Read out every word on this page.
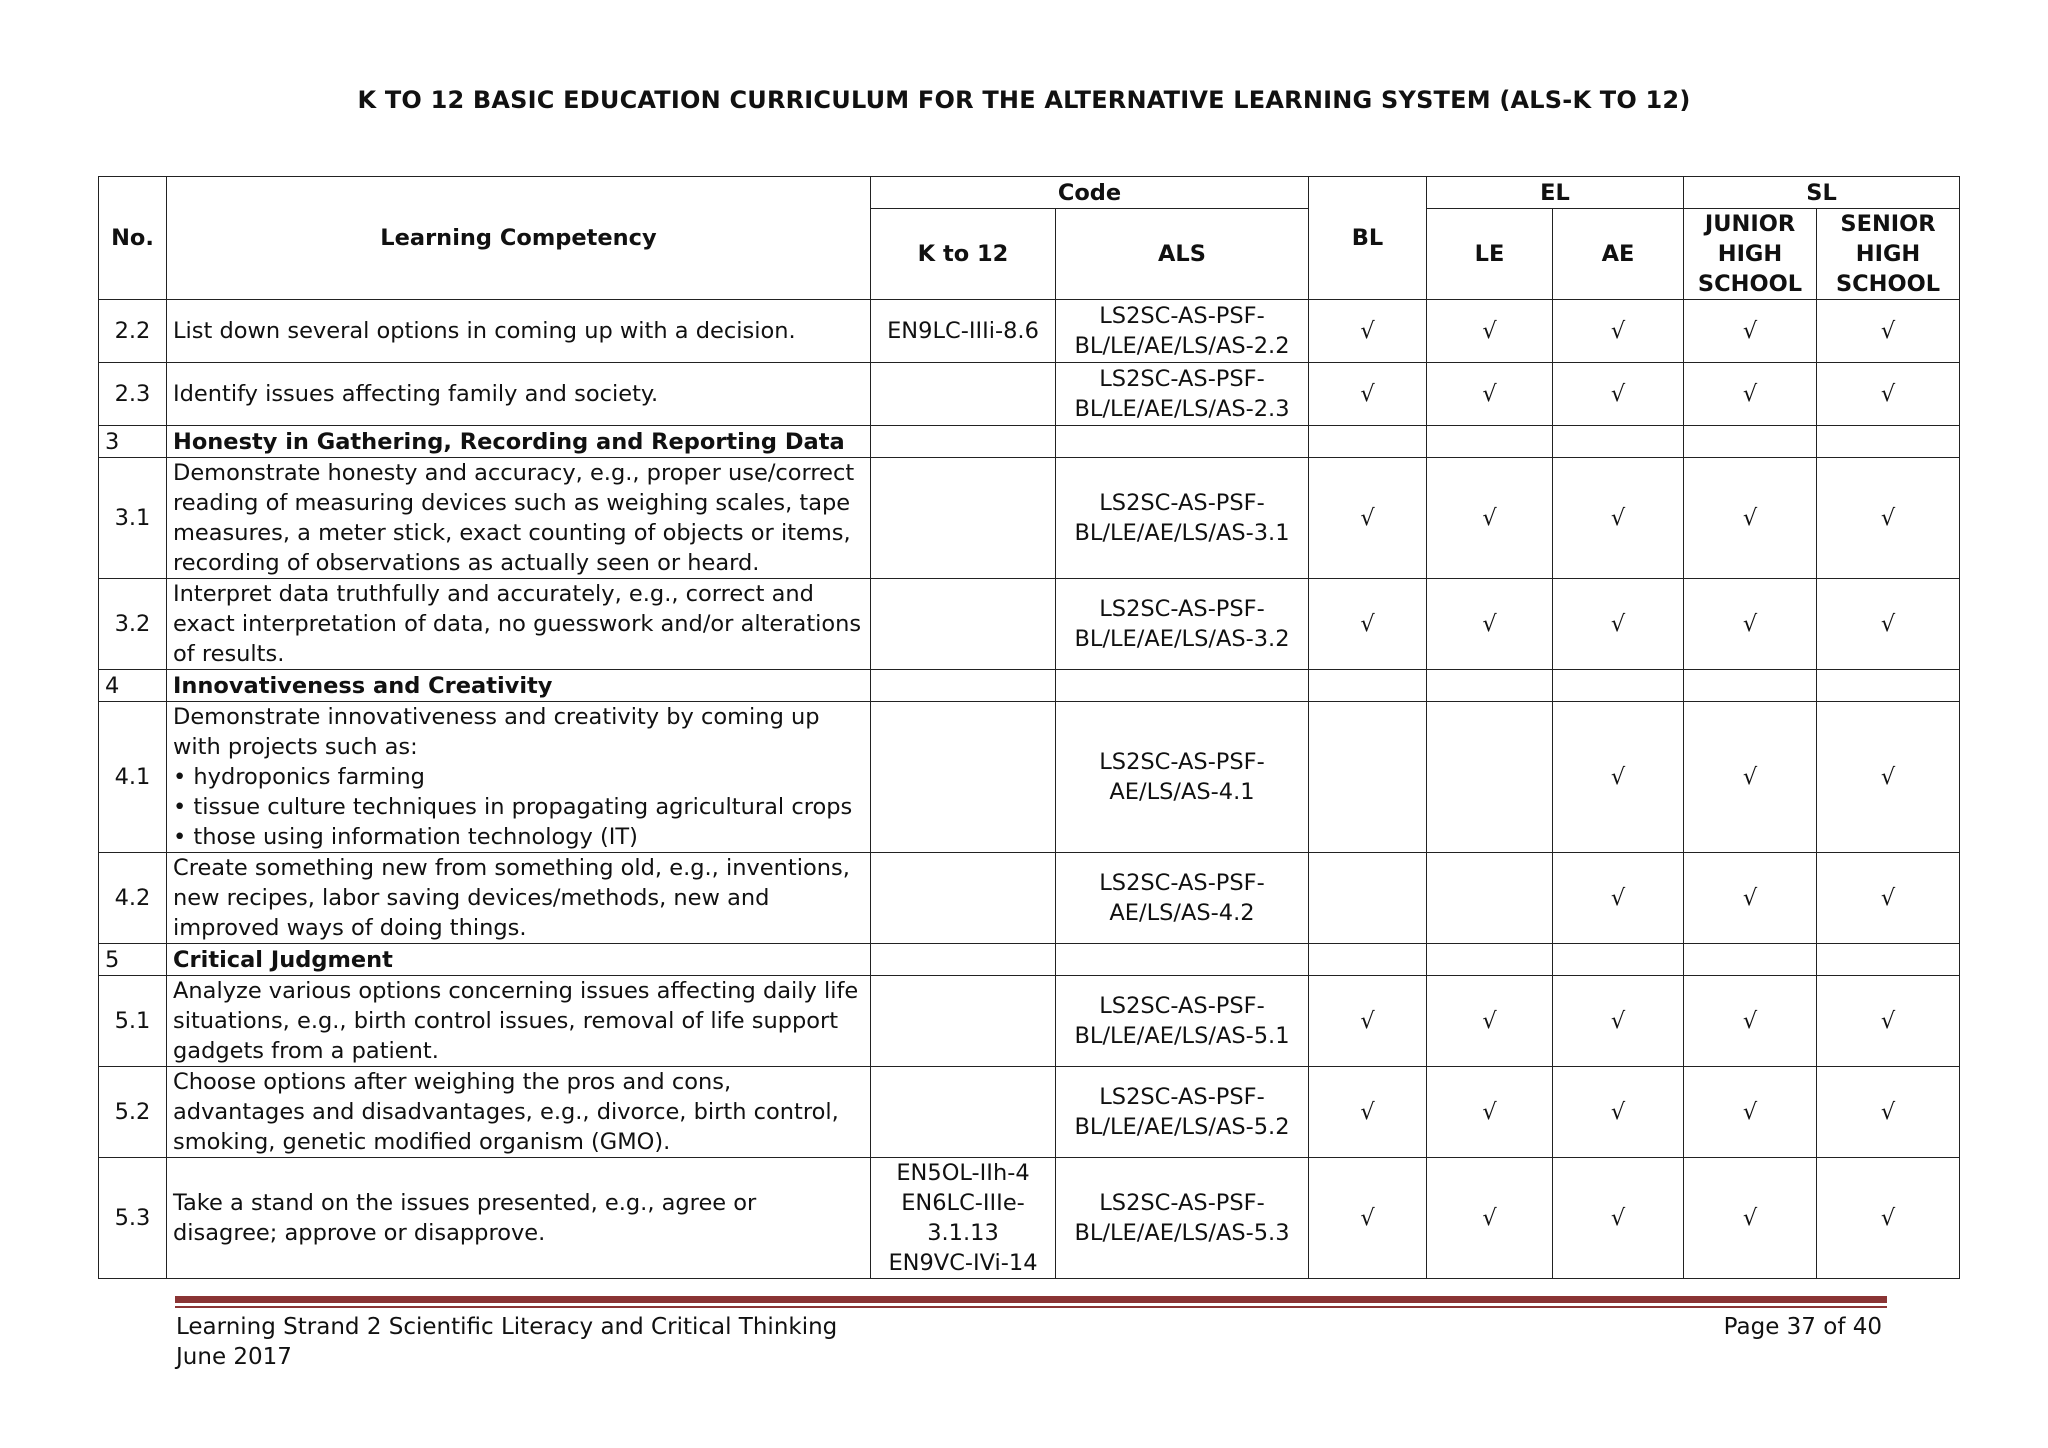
K TO 12 BASIC EDUCATION CURRICULUM FOR THE ALTERNATIVE LEARNING SYSTEM (ALS-K TO 12)
No.	Learning Competency	Code		BL	EL		SL	
		K to 12	ALS		LE	AE	JUNIOR
HIGH
SCHOOL	SENIOR
HIGH
SCHOOL
2.2	List down several options in coming up with a decision.	EN9LC-IIIi-8.6	LS2SC-AS-PSF-BL/LE/AE/LS/AS-2.2	√	√	√	√	√
2.3	Identify issues affecting family and society.		LS2SC-AS-PSF-BL/LE/AE/LS/AS-2.3	√	√	√	√	√
3	Honesty in Gathering, Recording and Reporting Data							
3.1	Demonstrate honesty and accuracy, e.g., proper use/correct reading of measuring devices such as weighing scales, tape measures, a meter stick, exact counting of objects or items, recording of observations as actually seen or heard.		LS2SC-AS-PSF-BL/LE/AE/LS/AS-3.1	√	√	√	√	√
3.2	Interpret data truthfully and accurately, e.g., correct and exact interpretation of data, no guesswork and/or alterations of results.		LS2SC-AS-PSF-BL/LE/AE/LS/AS-3.2	√	√	√	√	√
4	Innovativeness and Creativity							
4.1	Demonstrate innovativeness and creativity by coming up with projects such as:
• hydroponics farming
• tissue culture techniques in propagating agricultural crops
• those using information technology (IT)		LS2SC-AS-PSF-AE/LS/AS-4.1			√	√	√
4.2	Create something new from something old, e.g., inventions, new recipes, labor saving devices/methods, new and improved ways of doing things.		LS2SC-AS-PSF-AE/LS/AS-4.2			√	√	√
5	Critical Judgment							
5.1	Analyze various options concerning issues affecting daily life situations, e.g., birth control issues, removal of life support gadgets from a patient.		LS2SC-AS-PSF-BL/LE/AE/LS/AS-5.1	√	√	√	√	√
5.2	Choose options after weighing the pros and cons, advantages and disadvantages, e.g., divorce, birth control, smoking, genetic modified organism (GMO).		LS2SC-AS-PSF-BL/LE/AE/LS/AS-5.2	√	√	√	√	√
5.3	Take a stand on the issues presented, e.g., agree or disagree; approve or disapprove.	EN5OL-IIh-4
EN6LC-IIIe-3.1.13
EN9VC-IVi-14	LS2SC-AS-PSF-BL/LE/AE/LS/AS-5.3	√	√	√	√	√
Learning Strand 2 Scientific Literacy and Critical Thinking
June 2017
Page 37 of 40
